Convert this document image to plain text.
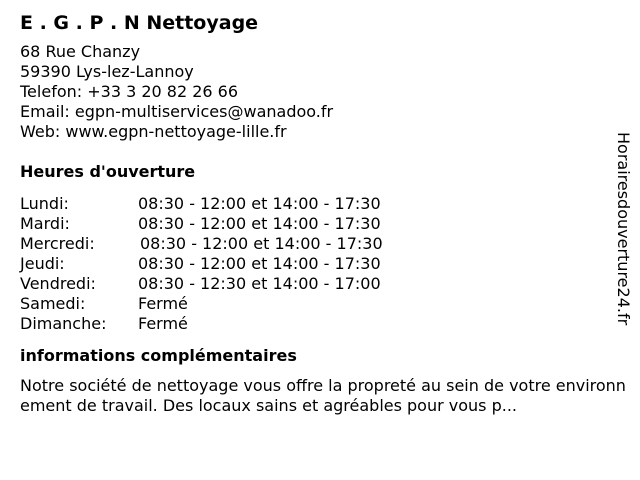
E . G . P . N Nettoyage
68 Rue Chanzy
59390 Lys-lez-Lannoy
Telefon: +33 3 20 82 26 66
Email: egpn-multiservices@wanadoo.fr
Web: www.egpn-nettoyage-lille.fr
Heures d'ouverture
Lundi:	08:30 - 12:00 et 14:00 - 17:30
Mardi:	08:30 - 12:00 et 14:00 - 17:30
Mercredi:	08:30 - 12:00 et 14:00 - 17:30
Jeudi:	08:30 - 12:00 et 14:00 - 17:30
Vendredi:	08:30 - 12:30 et 14:00 - 17:00
Samedi:	Fermé
Dimanche:	Fermé
informations complémentaires
Notre société de nettoyage vous offre la propreté au sein de votre environnement de travail. Des locaux sains et agréables pour vous p...
Horairesdouverture24.fr
